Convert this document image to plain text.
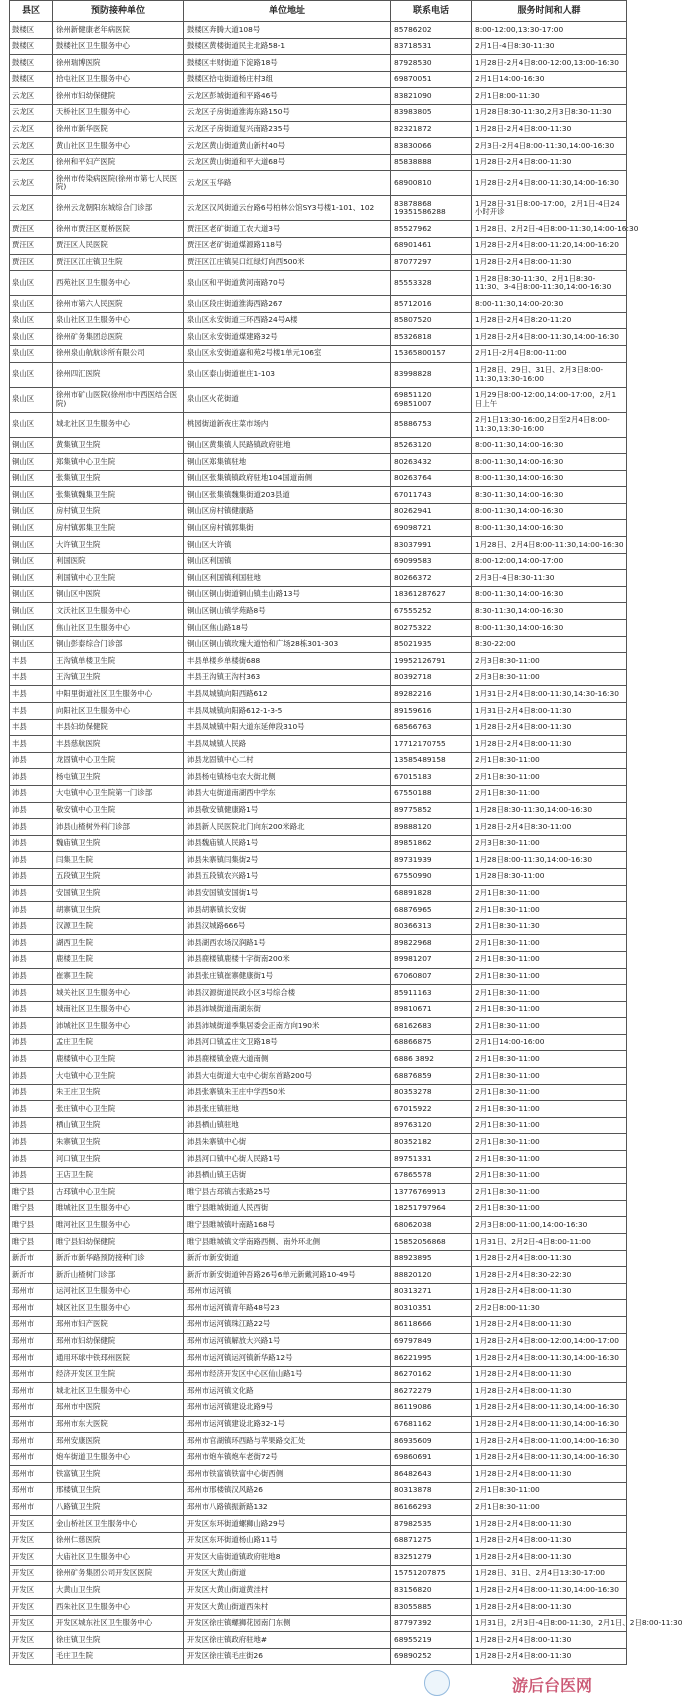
县区	预防接种单位	单位地址	联系电话	服务时间和人群
鼓楼区	徐州新健康老年病医院	鼓楼区奔腾大道108号	85786202	8:00-12:00,13:30-17:00
鼓楼区	鼓楼社区卫生服务中心	鼓楼区黄楼街道民主北路58-1	83718531	2月1日-4日8:30-11:30
鼓楼区	徐州瑞博医院	鼓楼区丰财街道下淀路18号	87928530	1月28日-2月4日8:00-12:00,13:00-16:30
鼓楼区	拾屯社区卫生服务中心	鼓楼区拾屯街道杨庄村3组	69870051	2月1日14:00-16:30
云龙区	徐州市妇幼保健院	云龙区彭城街道和平路46号	83821090	2月1日8:00-11:30
云龙区	天桥社区卫生服务中心	云龙区子房街道淮海东路150号	83983805	1月28日8:30-11:30,2月3日8:30-11:30
云龙区	徐州市新华医院	云龙区子房街道复兴南路235号	82321872	1月28日-2月4日8:00-11:30
云龙区	黄山社区卫生服务中心	云龙区黄山街道黄山新村40号	83830066	2月3日-2月4日8:00-11:30,14:00-16:30
云龙区	徐州和平妇产医院	云龙区黄山街道和平大道68号	85838888	1月28日-2月4日8:00-11:30
云龙区	徐州市传染病医院(徐州市第七人民医院)	云龙区玉华路	68900810	1月28日-2月4日8:00-11:30,14:00-16:30
云龙区	徐州云龙朝阳东城综合门诊部	云龙区汉风街道云台路6号柏林公馆SY3号楼1-101、102	83878868 19351586288	1月28日-31日8:00-17:00，2月1日-4日24小时开诊
贾汪区	徐州市贾汪区夏桥医院	贾汪区老矿街道工农大道3号	85527962	1月28日、2月2日-4日8:00-11:30,14:00-16:30
贾汪区	贾汪区人民医院	贾汪区老矿街道煤源路118号	68901461	1月28日-2月4日8:00-11:20,14:00-16:20
贾汪区	贾汪区江庄镇卫生院	贾汪区江庄镇吴口红绿灯向西500米	87077297	1月28日-2月4日8:00-11:30
泉山区	西苑社区卫生服务中心	泉山区和平街道黄河南路70号	85553328	1月28日8:30-11:30、2月1日8:30-11:30、3-4日8:00-11:30,14:00-16:30
泉山区	徐州市第六人民医院	泉山区段庄街道淮海西路267	85712016	8:00-11:30,14:00-20:30
泉山区	泉山社区卫生服务中心	泉山区永安街道三环西路24号A楼	85807520	1月28日-2月4日8:20-11:20
泉山区	徐州矿务集团总医院	泉山区永安街道煤建路32号	85326818	1月28日-2月4日8:00-11:30,14:00-16:30
泉山区	徐州泉山航航诊所有限公司	泉山区永安街道嘉和苑2号楼1单元106室	15365800157	2月1日-2月4日8:00-11:00
泉山区	徐州四汇医院	泉山区泰山街道崔庄1-103	83998828	1月28日、29日、31日、2月3日8:00-11:30,13:30-16:00
泉山区	徐州市矿山医院(徐州市中西医结合医院)	泉山区火花街道	69851120 69851007	1月29日8:00-12:00,14:00-17:00，2月1日上午
泉山区	城北社区卫生服务中心	桃园街道新夜庄菜市场内	85886753	2月1日13:30-16:00,2日至2月4日8:00-11:30,13:30-16:00
铜山区	黄集镇卫生院	铜山区黄集镇人民路镇政府驻地	85263120	8:00-11:30,14:00-16:30
铜山区	郑集镇中心卫生院	铜山区郑集镇驻地	80263432	8:00-11:30,14:00-16:30
铜山区	张集镇卫生院	铜山区张集镇镇政府驻地104国道南侧	80263764	8:00-11:30,14:00-16:30
铜山区	张集镇魏集卫生院	铜山区张集镇魏集街道203县道	67011743	8:30-11:30,14:00-16:30
铜山区	房村镇卫生院	铜山区房村镇健康路	80262941	8:00-11:30,14:00-16:30
铜山区	房村镇郭集卫生院	铜山区房村镇郭集街	69098721	8:00-11:30,14:00-16:30
铜山区	大许镇卫生院	铜山区大许镇	83037991	1月28日、2月4日8:00-11:30,14:00-16:30
铜山区	利国医院	铜山区利国镇	69099583	8:00-12:00,14:00-17:00
铜山区	利国镇中心卫生院	铜山区利国镇利国驻地	80266372	2月3日-4日8:30-11:30
铜山区	铜山区中医院	铜山区铜山街道铜山镇圭山路13号	18361287627	8:00-11:30,14:00-16:30
铜山区	文沃社区卫生服务中心	铜山区铜山镇学苑路8号	67555252	8:30-11:30,14:00-16:30
铜山区	焦山社区卫生服务中心	铜山区焦山路18号	80275322	8:00-11:30,14:00-16:30
铜山区	铜山彭泰综合门诊部	铜山区铜山镇玫瑰大道怡和广场28栋301-303	85021935	8:30-22:00
丰县	王沟镇单楼卫生院	丰县单楼乡单楼街688	19952126791	2月3日8:30-11:00
丰县	王沟镇卫生院	丰县王沟镇王沟村363	80392718	2月3日8:30-11:00
丰县	中阳里街道社区卫生服务中心	丰县凤城镇向阳西路612	89282216	1月31日-2月4日8:00-11:30,14:30-16:30
丰县	向阳社区卫生服务中心	丰县凤城镇向阳路612-1-3-5	89159616	1月31日-2月4日8:00-11:30
丰县	丰县妇幼保健院	丰县凤城镇中阳大道东延伸段310号	68566763	1月28日-2月4日8:00-11:30
丰县	丰县慈航医院	丰县凤城镇人民路	17712170755	1月28日-2月4日8:00-11:30
沛县	龙固镇中心卫生院	沛县龙固镇中心二村	13585489158	2月1日8:30-11:00
沛县	杨屯镇卫生院	沛县杨屯镇杨屯农大街北侧	67015183	2月1日8:30-11:00
沛县	大屯镇中心卫生院第一门诊部	沛县大屯街道南湖西中学东	67550188	2月1日8:30-11:00
沛县	敬安镇中心卫生院	沛县敬安镇健康路1号	89775852	1月28日8:30-11:30,14:00-16:30
沛县	沛县山楂树外科门诊部	沛县新人民医院北门向东200米路北	89888120	1月28日-2月4日8:30-11:00
沛县	魏庙镇卫生院	沛县魏庙镇人民路1号	89851862	2月3日8:30-11:00
沛县	闫集卫生院	沛县朱寨镇闫集街2号	89731939	1月28日8:00-11:30,14:00-16:30
沛县	五段镇卫生院	沛县五段镇农兴路1号	67550990	1月28日8:30-11:00
沛县	安国镇卫生院	沛县安国镇安国街1号	68891828	2月1日8:30-11:00
沛县	胡寨镇卫生院	沛县胡寨镇长安街	68876965	2月1日8:30-11:00
沛县	汉源卫生院	沛县汉城路666号	80366313	2月1日8:30-11:30
沛县	湖西卫生院	沛县湖西农场汉润路1号	89822968	2月1日8:30-11:00
沛县	鹿楼卫生院	沛县鹿楼镇鹿楼十字街南200米	89981207	2月1日8:30-11:00
沛县	崔寨卫生院	沛县张庄镇崔寨健康街1号	67060807	2月1日8:30-11:00
沛县	城关社区卫生服务中心	沛县汉源街道民政小区3号综合楼	85911163	2月1日8:30-11:00
沛县	城南社区卫生服务中心	沛县沛城街道南湖东街	89810671	2月1日8:30-11:00
沛县	沛城社区卫生服务中心	沛县沛城街道季集居委会正南方向190米	68162683	2月1日8:30-11:00
沛县	孟庄卫生院	沛县河口镇孟庄文卫路18号	68866875	2月1日14:00-16:00
沛县	鹿楼镇中心卫生院	沛县鹿楼镇金鹿大道南侧	6886 3892	2月1日8:30-11:00
沛县	大屯镇中心卫生院	沛县大屯街道大屯中心街东首路200号	68876859	2月1日8:30-11:00
沛县	朱王庄卫生院	沛县张寨镇朱王庄中学西50米	80353278	2月1日8:30-11:00
沛县	张庄镇中心卫生院	沛县张庄镇驻地	67015922	2月1日8:30-11:00
沛县	栖山镇卫生院	沛县栖山镇驻地	89763120	2月1日8:30-11:00
沛县	朱寨镇卫生院	沛县朱寨镇中心街	80352182	2月1日8:30-11:00
沛县	河口镇卫生院	沛县河口镇中心街人民路1号	89751331	2月1日8:30-11:00
沛县	王店卫生院	沛县栖山镇王店街	67865578	2月1日8:30-11:00
睢宁县	古邳镇中心卫生院	睢宁县古邳镇古张路25号	13776769913	2月1日8:30-11:00
睢宁县	睢城社区卫生服务中心	睢宁县睢城街道人民西街	18251797964	2月1日8:30-11:00
睢宁县	睢河社区卫生服务中心	睢宁县睢城镇叶南路168号	68062038	2月3日8:00-11:00,14:00-16:30
睢宁县	睢宁县妇幼保健院	睢宁县睢城镇文学南路西侧、南外环北侧	15852056868	1月31日、2月2日-4日8:00-11:00
新沂市	新沂市新华路预防接种门诊	新沂市新安街道	88923895	1月28日-2月4日8:00-11:30
新沂市	新沂山楂树门诊部	新沂市新安街道钟吾路26号6单元新戴河路10-49号	88820120	1月28日-2月4日8:30-22:30
邳州市	运河社区卫生服务中心	邳州市运河镇	80313271	1月28日-2月4日8:00-11:30
邳州市	城区社区卫生服务中心	邳州市运河镇青年路48号23	80310351	2月2日8:00-11:30
邳州市	邳州市妇产医院	邳州市运河镇珠江路22号	86118666	1月28日-2月4日8:00-11:30
邳州市	邳州市妇幼保健院	邳州市运河镇解放大兴路1号	69797849	1月28日-2月4日8:00-12:00,14:00-17:00
邳州市	通用环球中铁邳州医院	邳州市运河镇运河镇新华路12号	86221995	1月28日-2月4日8:00-11:30,14:00-16:30
邳州市	经济开发区卫生院	邳州市经济开发区中心区仙山路1号	86270162	1月28日-2月4日8:00-11:30
邳州市	城北社区卫生服务中心	邳州市运河镇文化路	86272279	1月28日-2月4日8:00-11:30
邳州市	邳州市中医院	邳州市运河镇建设北路9号	86119086	1月28日-2月4日8:00-11:30,14:00-16:30
邳州市	邳州市东大医院	邳州市运河镇建设北路32-1号	67681162	1月28日-2月4日8:00-11:30,14:00-16:30
邳州市	邳州安康医院	邳州市官湖镇环西路与苹果路交汇处	86935609	1月28日-2月4日8:00-11:00,14:00-16:30
邳州市	炮车街道卫生服务中心	邳州市炮车镇炮车老街72号	69860691	1月28日-2月4日8:00-11:30,14:00-16:30
邳州市	铁富镇卫生院	邳州市铁富镇铁富中心街西侧	86482643	1月28日-2月4日8:00-11:30
邳州市	邢楼镇卫生院	邳州市邢楼镇汉风路26	80313878	2月1日8:30-11:00
邳州市	八路镇卫生院	邳州市八路镇振新路132	86166293	2月1日8:30-11:00
开发区	金山桥社区卫生服务中心	开发区东环街道螺狮山路29号	87982535	1月28日-2月4日8:00-11:30
开发区	徐州仁慈医院	开发区东环街道杨山路11号	68871275	1月28日-2月4日8:00-11:30
开发区	大庙社区卫生服务中心	开发区大庙街道镇政府驻地8	83251279	1月28日-2月4日8:00-11:30
开发区	徐州矿务集团公司开发区医院	开发区大黄山街道	15751207875	1月28日、31日、2月4日13:30-17:00
开发区	大黄山卫生院	开发区大黄山街道黄洼村	83156820	1月28日-2月4日8:00-11:30,14:00-16:30
开发区	西朱社区卫生服务中心	开发区大黄山街道西朱村	83055885	1月28日-2月4日8:00-11:30
开发区	开发区城东社区卫生服务中心	开发区徐庄镇螺狮花园南门东侧	87797392	1月31日，2月3日-4日8:00-11:30，2月1日、2日8:00-11:30
开发区	徐庄镇卫生院	开发区徐庄镇政府驻地#	68955219	1月28日-2月4日8:00-11:30
开发区	毛庄卫生院	开发区徐庄镇毛庄街26	69890252	1月28日-2月4日8:00-11:30
游后台医网
